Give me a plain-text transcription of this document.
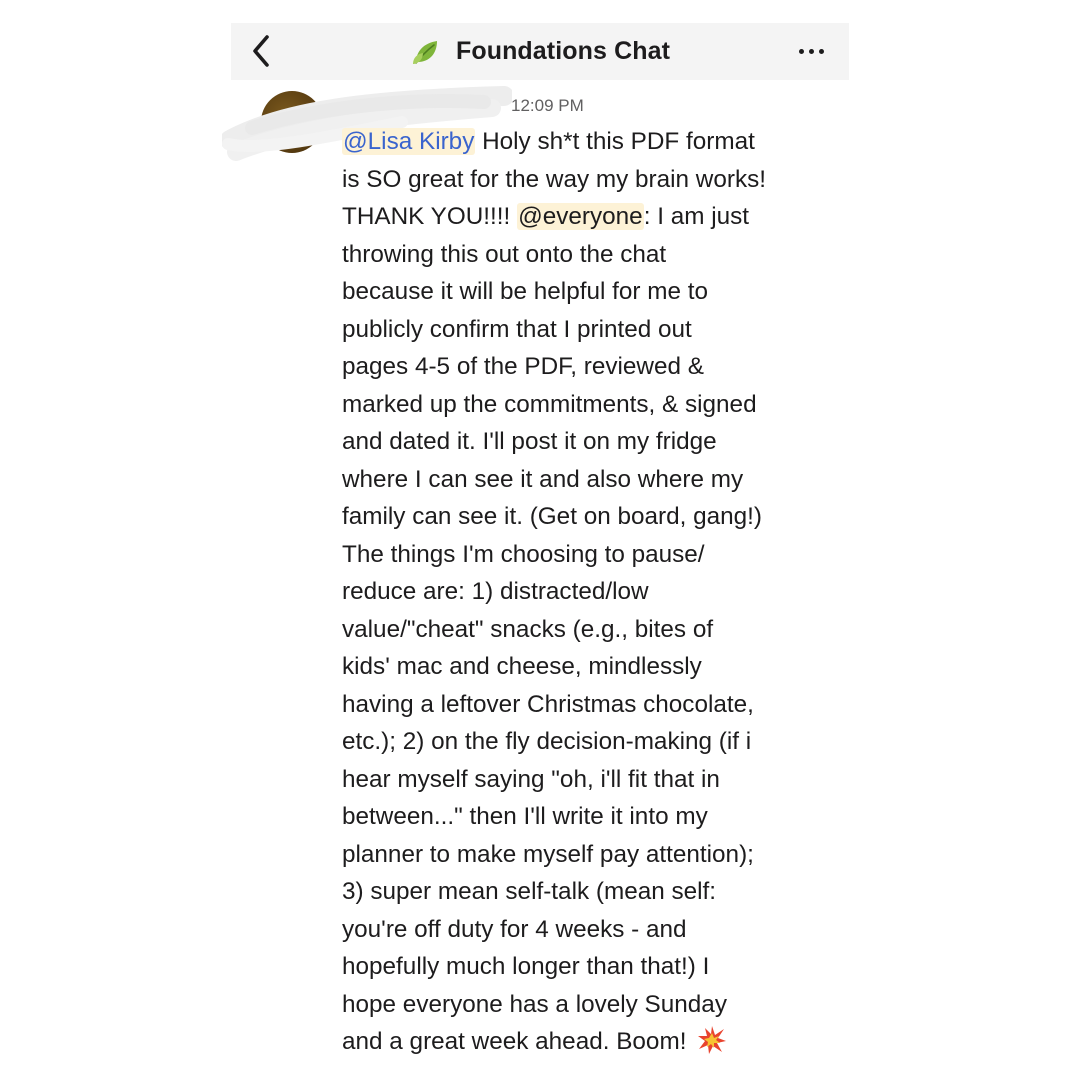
Foundations Chat
12:09 PM
@Lisa Kirby Holy sh*t this PDF format
is SO great for the way my brain works!
THANK YOU!!!! @everyone: I am just
throwing this out onto the chat
because it will be helpful for me to
publicly confirm that I printed out
pages 4-5 of the PDF, reviewed &
marked up the commitments, & signed
and dated it. I'll post it on my fridge
where I can see it and also where my
family can see it. (Get on board, gang!)
The things I'm choosing to pause/
reduce are: 1) distracted/low
value/"cheat" snacks (e.g., bites of
kids' mac and cheese, mindlessly
having a leftover Christmas chocolate,
etc.); 2) on the fly decision-making (if i
hear myself saying "oh, i'll fit that in
between..." then I'll write it into my
planner to make myself pay attention);
3) super mean self-talk (mean self:
you're off duty for 4 weeks - and
hopefully much longer than that!) I
hope everyone has a lovely Sunday
and a great week ahead. Boom!
